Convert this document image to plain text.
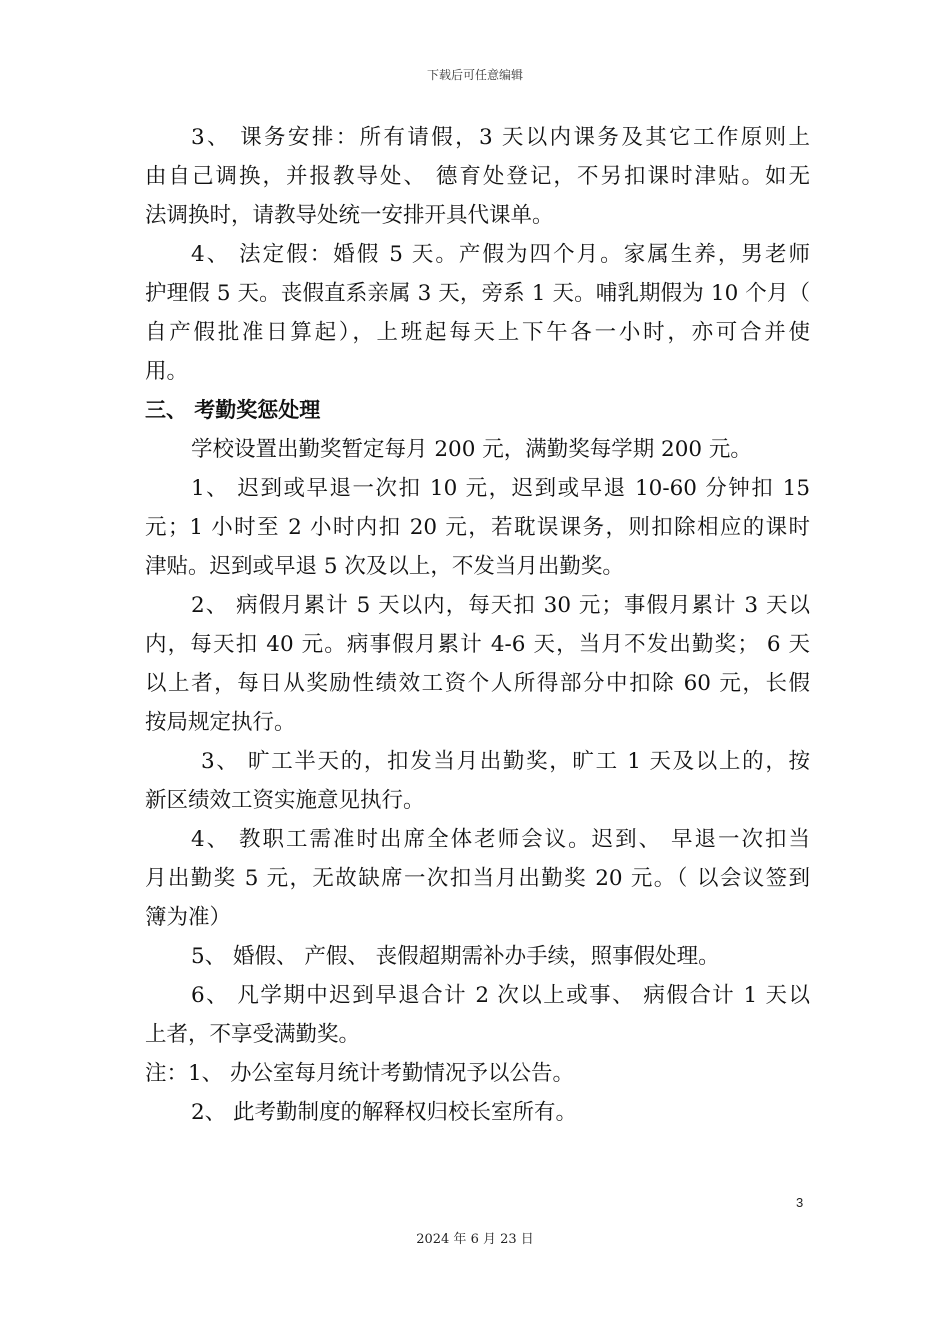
下载后可任意编辑
3、 课务安排：所有请假，3 天以内课务及其它工作原则上
由自己调换，并报教导处、 德育处登记，不另扣课时津贴。如无
法调换时，请教导处统一安排开具代课单。
4、 法定假：婚假 5 天。产假为四个月。家属生养，男老师
护理假 5 天。丧假直系亲属 3 天，旁系 1 天。哺乳期假为 10 个月（
自产假批准日算起），上班起每天上下午各一小时，亦可合并使
用。
三、 考勤奖惩处理
学校设置出勤奖暂定每月 200 元，满勤奖每学期 200 元。
1、 迟到或早退一次扣 10 元，迟到或早退 10-60 分钟扣 15
元；1 小时至 2 小时内扣 20 元，若耽误课务，则扣除相应的课时
津贴。迟到或早退 5 次及以上，不发当月出勤奖。
2、 病假月累计 5 天以内，每天扣 30 元；事假月累计 3 天以
内，每天扣 40 元。病事假月累计 4-6 天，当月不发出勤奖； 6 天
以上者，每日从奖励性绩效工资个人所得部分中扣除 60 元，长假
按局规定执行。
3、 旷工半天的，扣发当月出勤奖，旷工 1 天及以上的，按
新区绩效工资实施意见执行。
4、 教职工需准时出席全体老师会议。迟到、 早退一次扣当
月出勤奖 5 元，无故缺席一次扣当月出勤奖 20 元。（ 以会议签到
簿为准）
5、 婚假、 产假、 丧假超期需补办手续，照事假处理。
6、 凡学期中迟到早退合计 2 次以上或事、 病假合计 1 天以
上者，不享受满勤奖。
注：1、 办公室每月统计考勤情况予以公告。
2、 此考勤制度的解释权归校长室所有。
3
2024 年 6 月 23 日
